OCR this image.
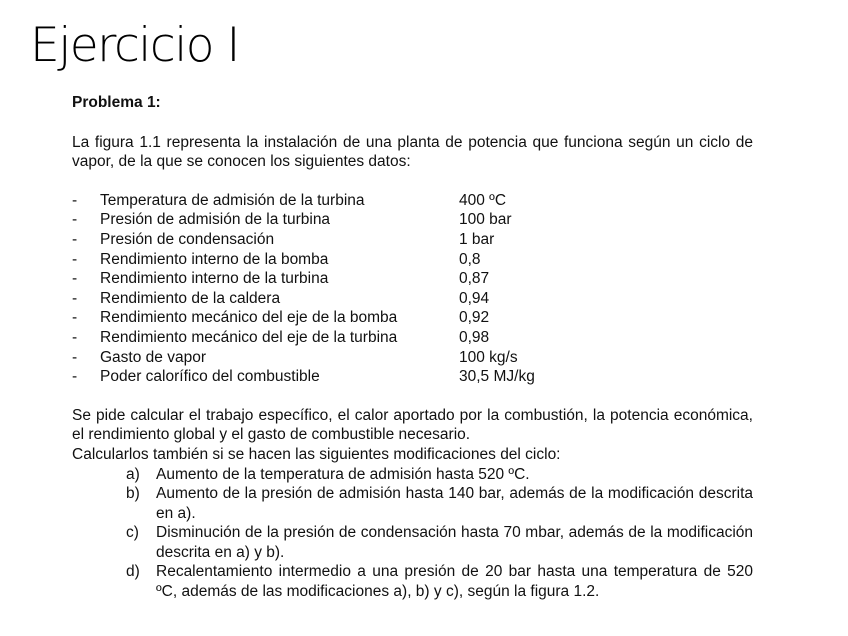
Ejercicio I

Problema 1:

La figura 1.1 representa la instalación de una planta de potencia que funciona según un ciclo de vapor, de la que se conocen los siguientes datos:

- Temperatura de admisión de la turbina	400 ºC
- Presión de admisión de la turbina	100 bar
- Presión de condensación	1 bar
- Rendimiento interno de la bomba	0,8
- Rendimiento interno de la turbina	0,87
- Rendimiento de la caldera	0,94
- Rendimiento mecánico del eje de la bomba	0,92
- Rendimiento mecánico del eje de la turbina	0,98
- Gasto de vapor	100 kg/s
- Poder calorífico del combustible	30,5 MJ/kg

Se pide calcular el trabajo específico, el calor aportado por la combustión, la potencia económica, el rendimiento global y el gasto de combustible necesario.

Calcularlos también si se hacen las siguientes modificaciones del ciclo:

a) Aumento de la temperatura de admisión hasta 520 ºC.
b) Aumento de la presión de admisión hasta 140 bar, además de la modificación descrita en a).
c) Disminución de la presión de condensación hasta 70 mbar, además de la modificación descrita en a) y b).
d) Recalentamiento intermedio a una presión de 20 bar hasta una temperatura de 520 ºC, además de las modificaciones a), b) y c), según la figura 1.2.
